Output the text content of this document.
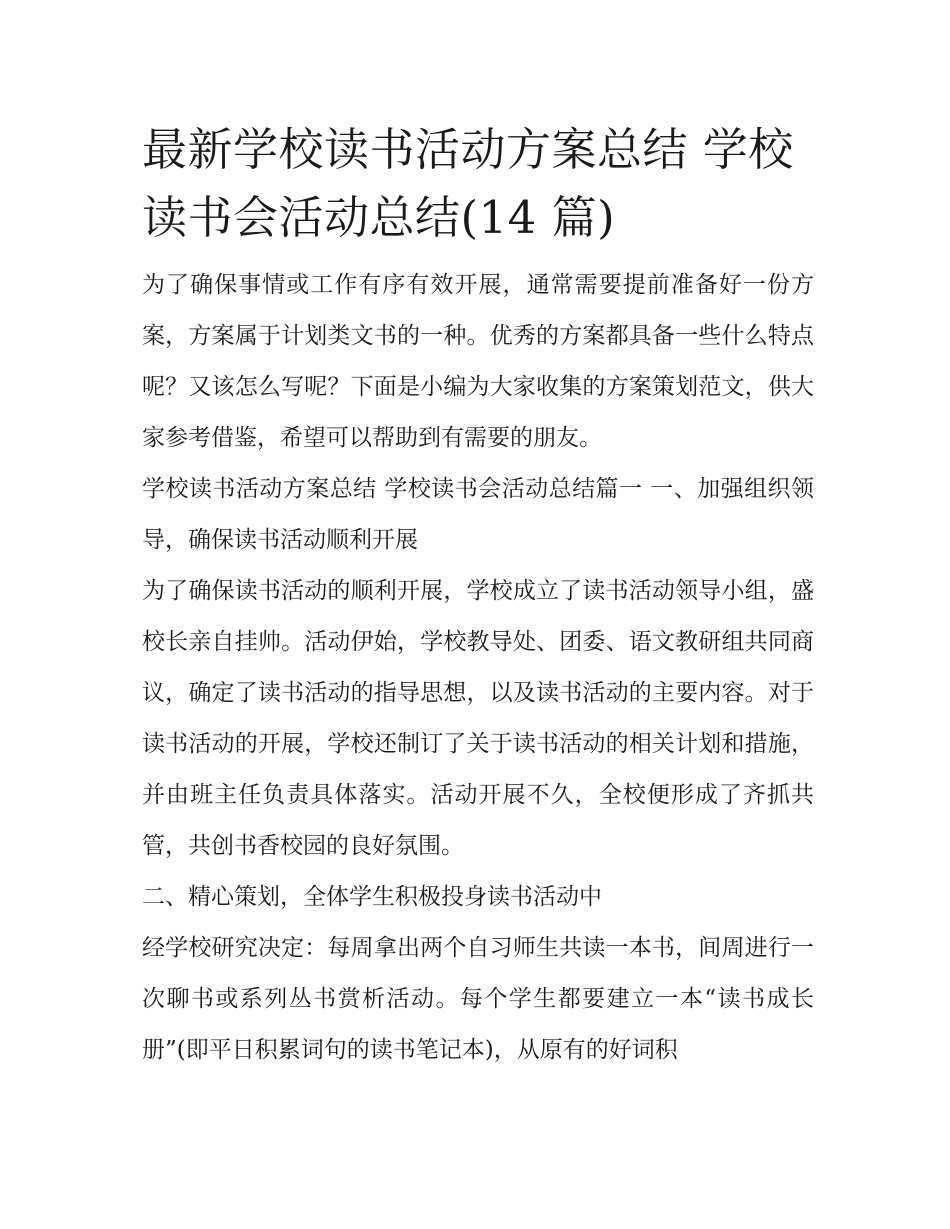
最新学校读书活动方案总结 学校读书会活动总结(14 篇)

为了确保事情或工作有序有效开展，通常需要提前准备好一份方案，方案属于计划类文书的一种。优秀的方案都具备一些什么特点呢？又该怎么写呢？下面是小编为大家收集的方案策划范文，供大家参考借鉴，希望可以帮助到有需要的朋友。

学校读书活动方案总结 学校读书会活动总结篇一 一、加强组织领导，确保读书活动顺利开展

为了确保读书活动的顺利开展，学校成立了读书活动领导小组，盛校长亲自挂帅。活动伊始，学校教导处、团委、语文教研组共同商议，确定了读书活动的指导思想，以及读书活动的主要内容。对于读书活动的开展，学校还制订了关于读书活动的相关计划和措施，并由班主任负责具体落实。活动开展不久，全校便形成了齐抓共管，共创书香校园的良好氛围。

二、精心策划，全体学生积极投身读书活动中

经学校研究决定：每周拿出两个自习师生共读一本书，间周进行一次聊书或系列丛书赏析活动。每个学生都要建立一本“读书成长册”(即平日积累词句的读书笔记本)，从原有的好词积
